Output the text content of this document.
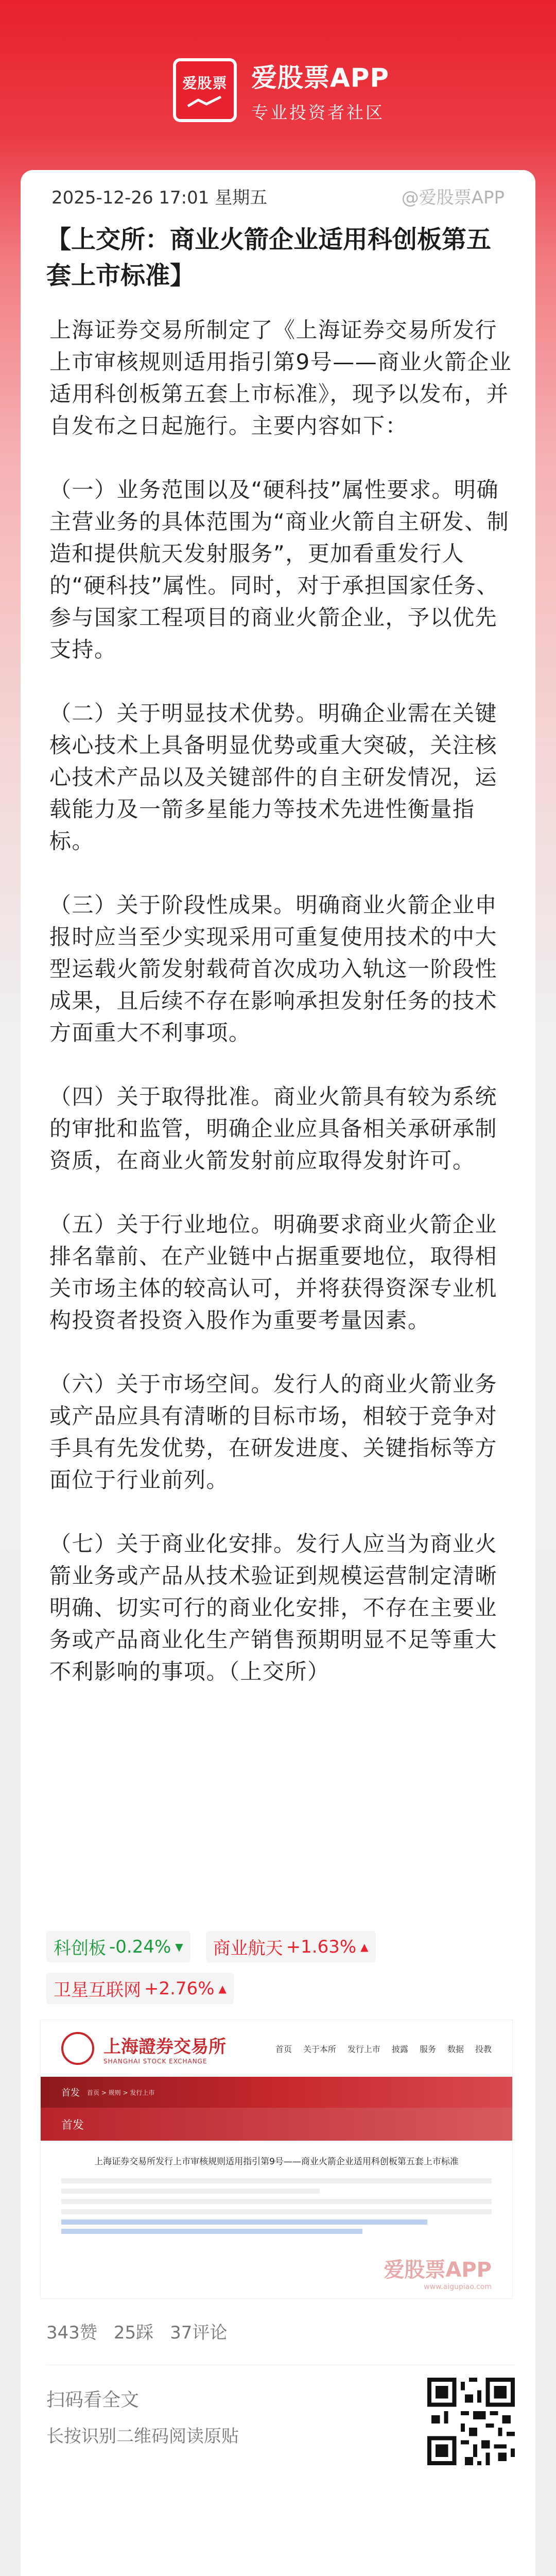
爱股票 爱股票APP
专业投资者社区
2025-12-26 17:01 星期五	@爱股票APP
【上交所：商业火箭企业适用科创板第五套上市标准】

上海证券交易所制定了《上海证券交易所发行上市审核规则适用指引第9号——商业火箭企业适用科创板第五套上市标准》，现予以发布，并自发布之日起施行。主要内容如下：

（一）业务范围以及“硬科技”属性要求。明确主营业务的具体范围为“商业火箭自主研发、制造和提供航天发射服务”，更加看重发行人的“硬科技”属性。同时，对于承担国家任务、参与国家工程项目的商业火箭企业，予以优先支持。

（二）关于明显技术优势。明确企业需在关键核心技术上具备明显优势或重大突破，关注核心技术产品以及关键部件的自主研发情况，运载能力及一箭多星能力等技术先进性衡量指标。

（三）关于阶段性成果。明确商业火箭企业申报时应当至少实现采用可重复使用技术的中大型运载火箭发射载荷首次成功入轨这一阶段性成果，且后续不存在影响承担发射任务的技术方面重大不利事项。

（四）关于取得批准。商业火箭具有较为系统的审批和监管，明确企业应具备相关承研承制资质，在商业火箭发射前应取得发射许可。

（五）关于行业地位。明确要求商业火箭企业排名靠前、在产业链中占据重要地位，取得相关市场主体的较高认可，并将获得资深专业机构投资者投资入股作为重要考量因素。

（六）关于市场空间。发行人的商业火箭业务或产品应具有清晰的目标市场，相较于竞争对手具有先发优势，在研发进度、关键指标等方面位于行业前列。

（七）关于商业化安排。发行人应当为商业火箭业务或产品从技术验证到规模运营制定清晰明确、切实可行的商业化安排，不存在主要业务或产品商业化生产销售预期明显不足等重大不利影响的事项。（上交所）

科创板 -0.24% ▼ 商业航天 +1.63% ▲
卫星互联网 +2.76% ▲
上海證券交易所
SHANGHAI STOCK EXCHANGE
首页 关于本所 发行上市 披露 服务 数据 投教
首发 首页 > 规则 > 发行上市
首发
上海证券交易所发行上市审核规则适用指引第9号——商业火箭企业适用科创板第五套上市标准
爱股票APP
www.aigupiao.com
343赞 25踩 37评论
扫码看全文
长按识别二维码阅读原贴
